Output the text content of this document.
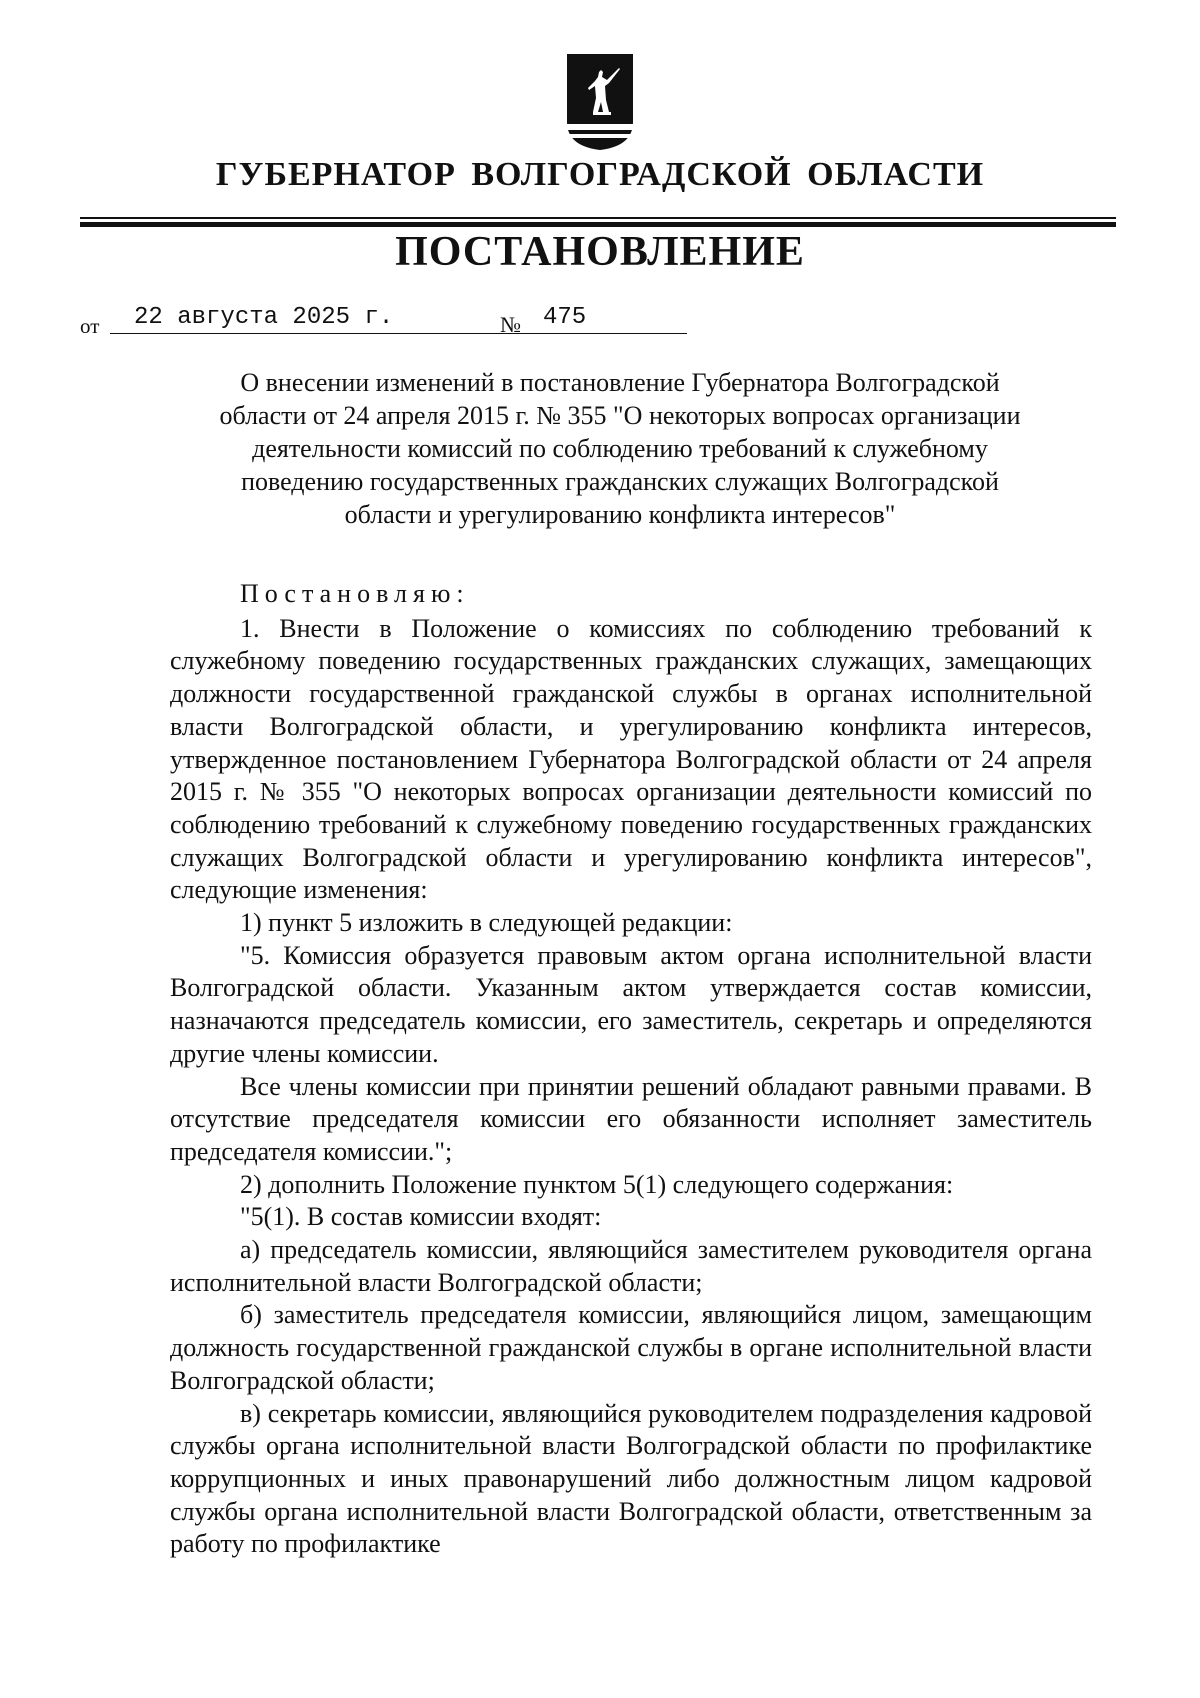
ГУБЕРНАТОР ВОЛГОГРАДСКОЙ ОБЛАСТИ
ПОСТАНОВЛЕНИЕ
от	22 августа 2025 г.	№ 475
О внесении изменений в постановление Губернатора Волгоградской
области от 24 апреля 2015 г. № 355 "О некоторых вопросах организации
деятельности комиссий по соблюдению требований к служебному
поведению государственных гражданских служащих Волгоградской
области и урегулированию конфликта интересов"

Постановляю:

1. Внести в Положение о комиссиях по соблюдению требований к служебному поведению государственных гражданских служащих, замещающих должности государственной гражданской службы в органах исполнительной власти Волгоградской области, и урегулированию конфликта интересов, утвержденное постановлением Губернатора Волгоградской области от 24 апреля 2015 г. № 355 "О некоторых вопросах организации деятельности комиссий по соблюдению требований к служебному поведению государственных гражданских служащих Волгоградской области и урегулированию конфликта интересов", следующие изменения:

1) пункт 5 изложить в следующей редакции:

"5. Комиссия образуется правовым актом органа исполнительной власти Волгоградской области. Указанным актом утверждается состав комиссии, назначаются председатель комиссии, его заместитель, секретарь и определяются другие члены комиссии.

Все члены комиссии при принятии решений обладают равными правами. В отсутствие председателя комиссии его обязанности исполняет заместитель председателя комиссии.";

2) дополнить Положение пунктом 5(1) следующего содержания:

"5(1). В состав комиссии входят:

а) председатель комиссии, являющийся заместителем руководителя органа исполнительной власти Волгоградской области;

б) заместитель председателя комиссии, являющийся лицом, замещающим должность государственной гражданской службы в органе исполнительной власти Волгоградской области;

в) секретарь комиссии, являющийся руководителем подразделения кадровой службы органа исполнительной власти Волгоградской области по профилактике коррупционных и иных правонарушений либо должностным лицом кадровой службы органа исполнительной власти Волгоградской области, ответственным за работу по профилактике
